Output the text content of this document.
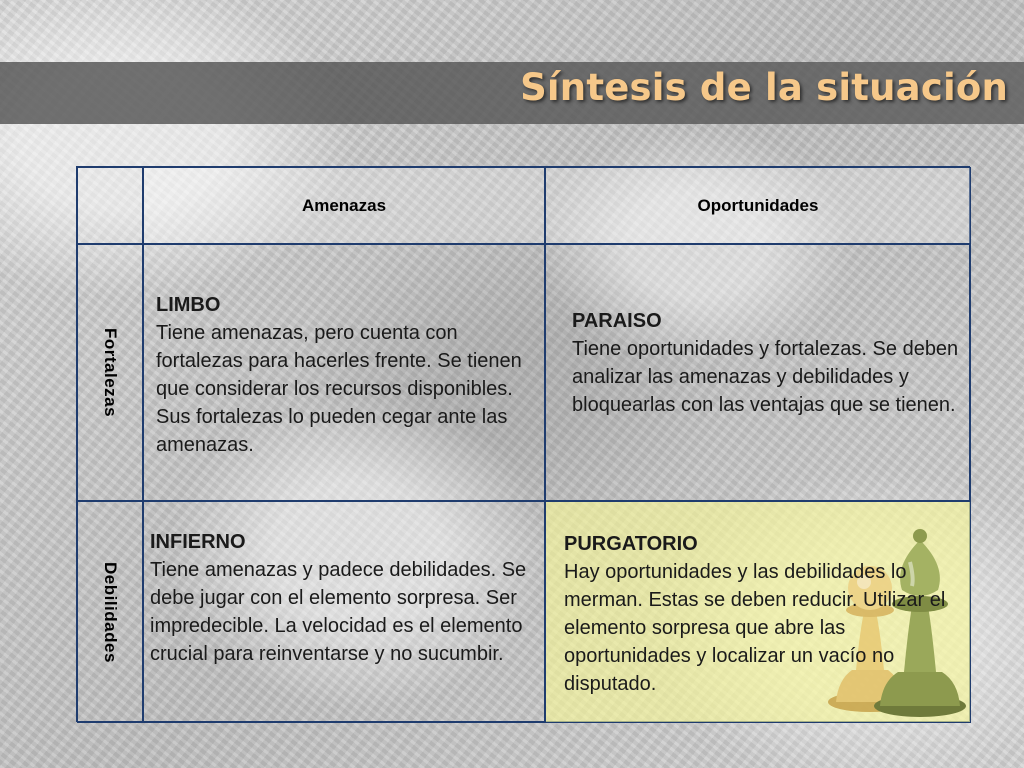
Síntesis de la situación
Amenazas	Oportunidades
Fortalezas
LIMBO
Tiene amenazas, pero cuenta con fortalezas para hacerles frente. Se tienen que considerar los recursos disponibles. Sus fortalezas lo pueden cegar ante las amenazas.
PARAISO
Tiene oportunidades y fortalezas. Se deben analizar las amenazas y debilidades y bloquearlas con las ventajas que se tienen.
Debilidades
INFIERNO
Tiene amenazas y padece debilidades. Se debe jugar con el elemento sorpresa. Ser impredecible. La velocidad es el elemento crucial para reinventarse y no sucumbir.
PURGATORIO
Hay oportunidades y las debilidades lo merman. Estas se deben reducir. Utilizar el elemento sorpresa que abre las oportunidades y localizar un vacío no disputado.
